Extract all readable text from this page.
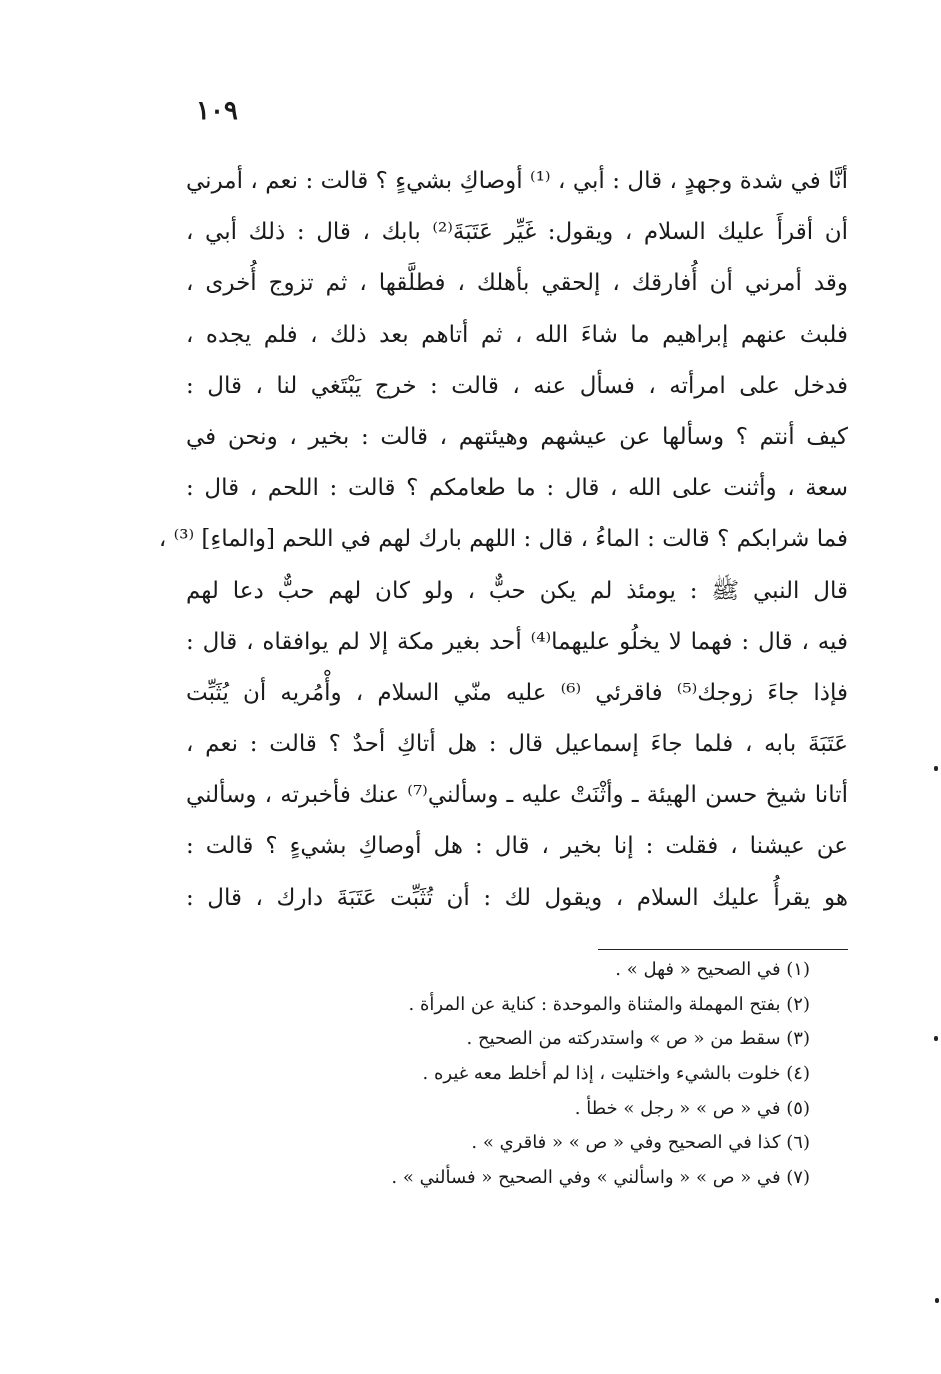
١٠٩
أنَّا في شدة وجهدٍ ، قال : أبي ، ⁽¹⁾ أوصاكِ بشيءٍ ؟ قالت : نعم ، أمرني
أن أقرأَ عليك السلام ، ويقول: غَيِّر عَتَبَةَ⁽²⁾ بابك ، قال : ذلك أبي ،
وقد أمرني أن أُفارقك ، إلحقي بأهلك ، فطلَّقها ، ثم تزوج أُخرى ،
فلبث عنهم إبراهيم ما شاءَ الله ، ثم أتاهم بعد ذلك ، فلم يجده ،
فدخل على امرأته ، فسأل عنه ، قالت : خرج يَبْتَغي لنا ، قال :
كيف أنتم ؟ وسألها عن عيشهم وهيئتهم ، قالت : بخير ، ونحن في
سعة ، وأثنت على الله ، قال : ما طعامكم ؟ قالت : اللحم ، قال :
فما شرابكم ؟ قالت : الماءُ ، قال : اللهم بارك لهم في اللحم [والماءِ] ⁽³⁾ ،
قال النبي ﷺ : يومئذ لم يكن حبٌّ ، ولو كان لهم حبٌّ دعا لهم
فيه ، قال : فهما لا يخلُو عليهما⁽⁴⁾ أحد بغير مكة إلا لم يوافقاه ، قال :
فإذا جاءَ زوجك⁽⁵⁾ فاقرئي ⁽⁶⁾ عليه منّي السلام ، وأْمُريه أن يُثَبِّت
عَتَبَةَ بابه ، فلما جاءَ إسماعيل قال : هل أتاكِ أحدٌ ؟ قالت : نعم ،
أتانا شيخ حسن الهيئة ـ وأثْنَتْ عليه ـ وسألني⁽⁷⁾ عنك فأخبرته ، وسألني
عن عيشنا ، فقلت : إنا بخير ، قال : هل أوصاكِ بشيءٍ ؟ قالت :
هو يقرأُ عليك السلام ، ويقول لك : أن تُثَبِّت عَتَبَةَ دارك ، قال :
(١) في الصحيح « فهل » .
(٢) بفتح المهملة والمثناة والموحدة : كناية عن المرأة .
(٣) سقط من « ص » واستدركته من الصحيح .
(٤) خلوت بالشيء واختليت ، إذا لم أخلط معه غيره .
(٥) في « ص » « رجل » خطأ .
(٦) كذا في الصحيح وفي « ص » « فاقري » .
(٧) في « ص » « واسألني » وفي الصحيح « فسألني » .
